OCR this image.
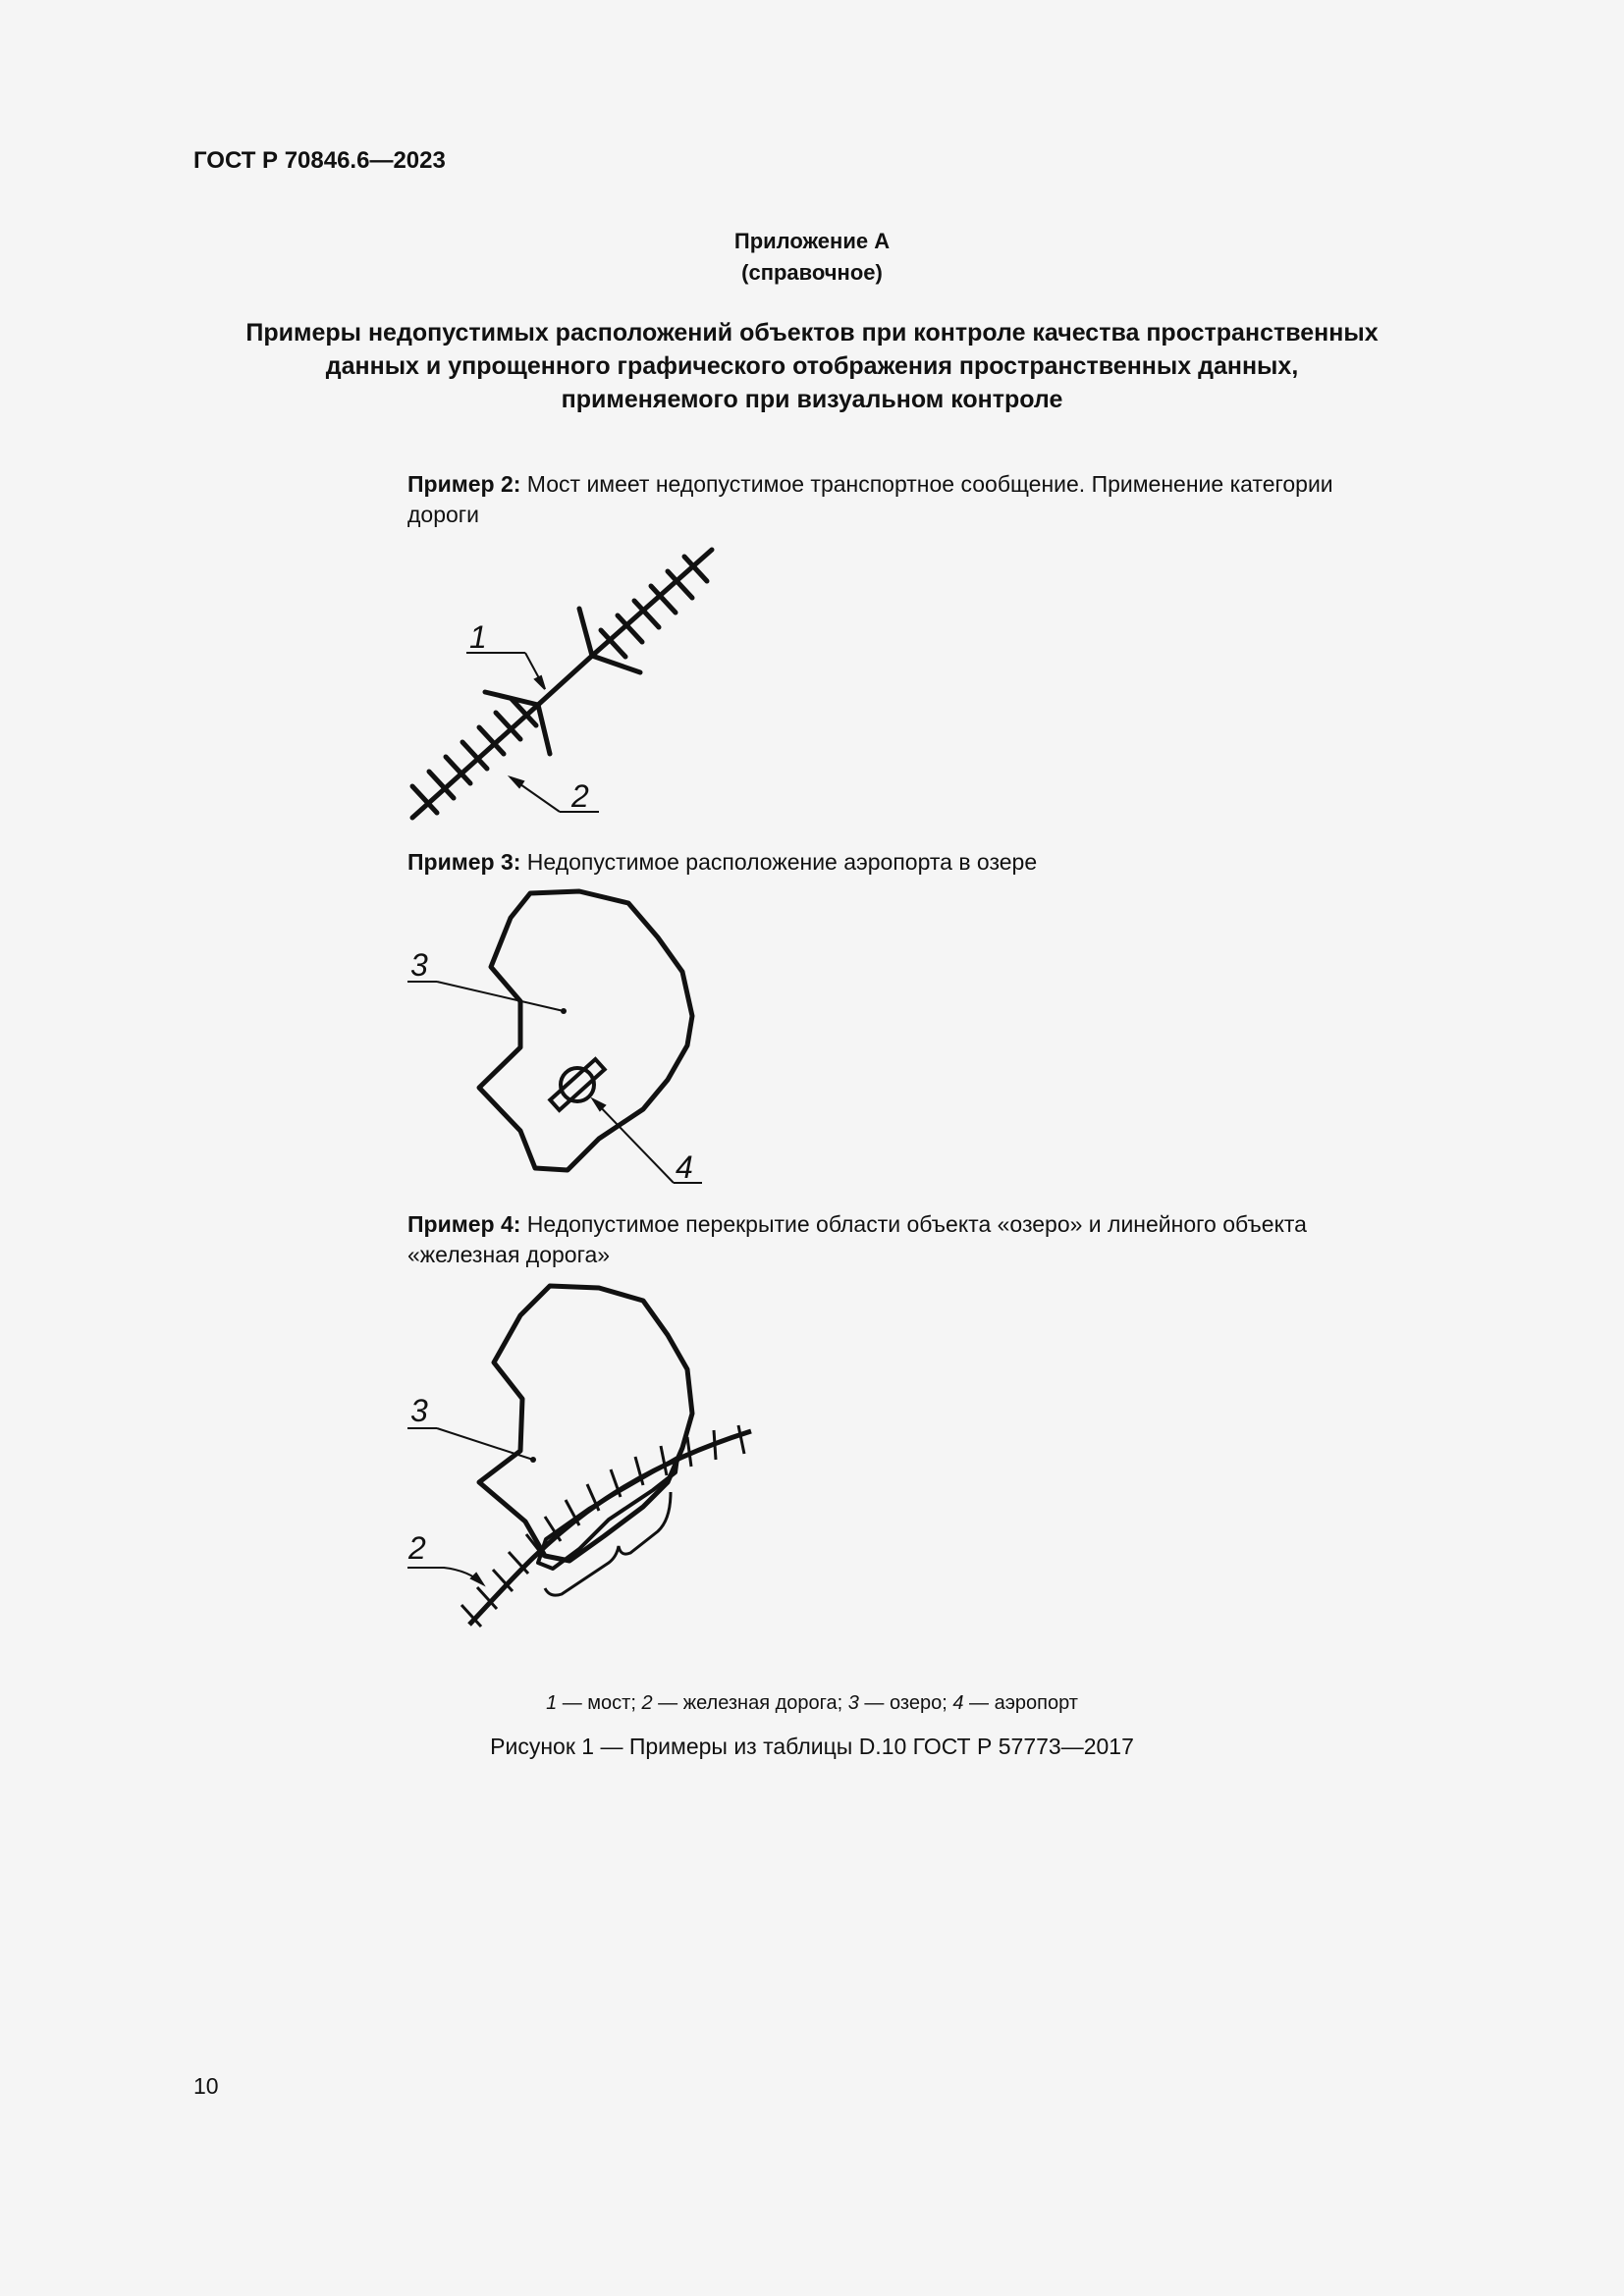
ГОСТ Р 70846.6—2023
Приложение А
(справочное)
Примеры недопустимых расположений объектов при контроле качества пространственных
данных и упрощенного графического отображения пространственных данных,
применяемого при визуальном контроле
Пример 2: Мост имеет недопустимое транспортное сообщение. Применение категории дороги
1
2
Пример 3: Недопустимое расположение аэропорта в озере
3
4
Пример 4: Недопустимое перекрытие области объекта «озеро» и линейного объекта «железная дорога»
3
2
1 — мост; 2 — железная дорога; 3 — озеро; 4 — аэропорт
Рисунок 1 — Примеры из таблицы D.10 ГОСТ Р 57773—2017
10
